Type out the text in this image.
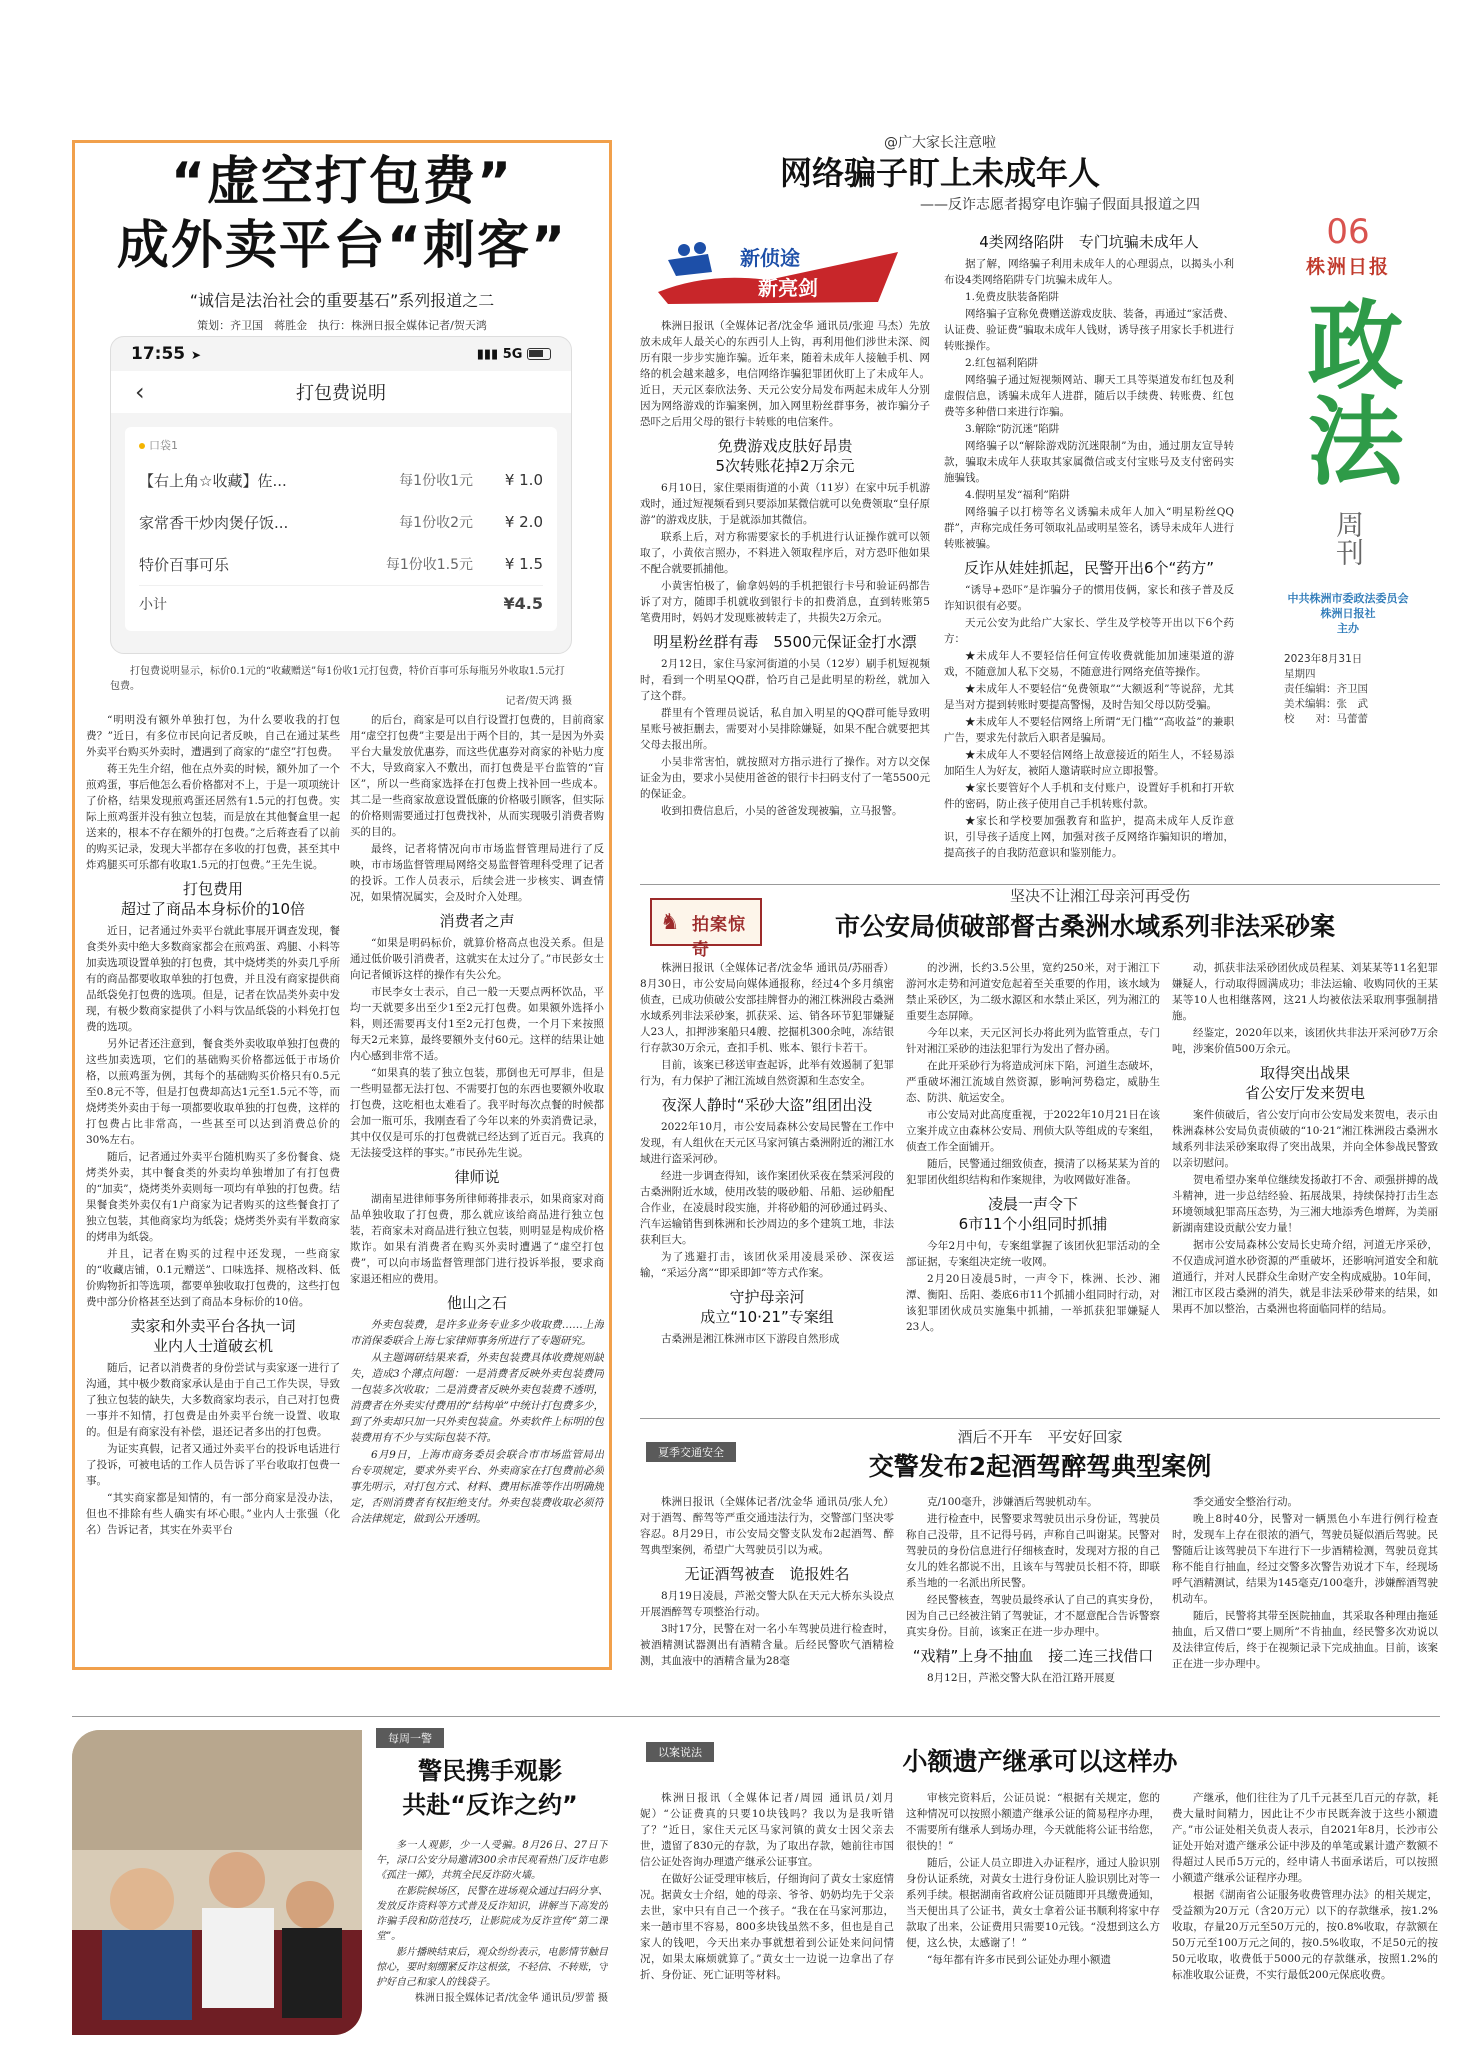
“虚空打包费”
成外卖平台“刺客”
“诚信是法治社会的重要基石”系列报道之二
策划：齐卫国　蒋胜金　执行：株洲日报全媒体记者/贺天鸿
17:55 ➤	▮▮▮ 5G
‹	打包费说明
口袋1
【右上角☆收藏】佐...	每1份收1元	¥ 1.0
家常香干炒肉煲仔饭...	每1份收2元	¥ 2.0
特价百事可乐	每1份收1.5元	¥ 1.5
小计	¥4.5
打包费说明显示，标价0.1元的“收藏赠送”每1份收1元打包费，特价百事可乐每瓶另外收取1.5元打包费。
记者/贺天鸿 摄

“明明没有额外单独打包，为什么要收我的打包费？”近日，有多位市民向记者反映，自己在通过某些外卖平台购买外卖时，遭遇到了商家的“虚空”打包费。

蒋王先生介绍，他在点外卖的时候，额外加了一个煎鸡蛋，事后他怎么看价格都对不上，于是一项项统计了价格，结果发现煎鸡蛋还居然有1.5元的打包费。实际上煎鸡蛋并没有独立包装，而是放在其他餐盒里一起送来的，根本不存在额外的打包费。”之后蒋查看了以前的购买记录，发现大半都存在多收的打包费，甚至其中炸鸡腿买可乐都有收取1.5元的打包费。”王先生说。

打包费用
超过了商品本身标价的10倍

近日，记者通过外卖平台就此事展开调查发现，餐食类外卖中绝大多数商家都会在煎鸡蛋、鸡腿、小料等加卖选项设置单独的打包费，其中烧烤类的外卖几乎所有的商品都要收取单独的打包费，并且没有商家提供商品纸袋免打包费的选项。但是，记者在饮品类外卖中发现，有极少数商家提供了小料与饮品纸袋的小料免打包费的选项。

另外记者还注意到，餐食类外卖收取单独打包费的这些加卖选项，它们的基础购买价格都远低于市场价格，以煎鸡蛋为例，其每个的基础购买价格只有0.5元至0.8元不等，但是打包费却高达1元至1.5元不等，而烧烤类外卖由于每一项都要收取单独的打包费，这样的打包费占比非常高，一些甚至可以达到消费总价的30%左右。

随后，记者通过外卖平台随机购买了多份餐食、烧烤类外卖，其中餐食类的外卖均单独增加了有打包费的“加卖”，烧烤类外卖则每一项均有单独的打包费。结果餐食类外卖仅有1户商家为记者购买的这些餐食打了独立包装，其他商家均为纸袋；烧烤类外卖有半数商家的烤串为纸袋。

并且，记者在购买的过程中还发现，一些商家的“收藏店铺，0.1元赠送”、口味选择、规格改料、低价购物折扣等选项，都要单独收取打包费的，这些打包费中部分价格甚至达到了商品本身标价的10倍。

卖家和外卖平台各执一词
业内人士道破玄机

随后，记者以消费者的身份尝试与卖家逐一进行了沟通，其中极少数商家承认是由于自己工作失误，导致了独立包装的缺失，大多数商家均表示，自己对打包费一事并不知情，打包费是由外卖平台统一设置、收取的。但是有商家没有补偿，退还记者多出的打包费。

为证实真假，记者又通过外卖平台的投诉电话进行了投诉，可被电话的工作人员告诉了平台收取打包费一事。

“其实商家都是知情的，有一部分商家是没办法，但也不排除有些人确实有坏心眼。”业内人士张强（化名）告诉记者，其实在外卖平台

的后台，商家是可以自行设置打包费的，目前商家用“虚空打包费”主要是出于两个目的，其一是因为外卖平台大量发放优惠券，而这些优惠券对商家的补贴力度不大，导致商家入不敷出，而打包费是平台监管的“盲区”，所以一些商家选择在打包费上找补回一些成本。其二是一些商家故意设置低廉的价格吸引顾客，但实际的价格则需要通过打包费找补，从而实现吸引消费者购买的目的。

最终，记者将情况向市市场监督管理局进行了反映，市市场监督管理局网络交易监督管理科受理了记者的投诉。工作人员表示，后续会进一步核实、调查情况，如果情况属实，会及时介入处理。

消费者之声

“如果是明码标价，就算价格高点也没关系。但是通过低价吸引消费者，这就实在太过分了。”市民彭女士向记者倾诉这样的操作有失公允。

市民李女士表示，自己一般一天要点两杯饮品，平均一天就要多出至少1至2元打包费。如果额外选择小料，则还需要再支付1至2元打包费，一个月下来按照每天2元来算，最终要额外支付60元。这样的结果让她内心感到非常不适。

“如果真的装了独立包装，那倒也无可厚非，但是一些明显都无法打包、不需要打包的东西也要额外收取打包费，这吃相也太难看了。我平时每次点餐的时候都会加一瓶可乐，我刚查看了今年以来的外卖消费记录，其中仅仅是可乐的打包费就已经达到了近百元。我真的无法接受这样的事实。”市民孙先生说。

律师说

湖南星进律师事务所律师蒋排表示，如果商家对商品单独收取了打包费，那么就应该给商品进行独立包装，若商家未对商品进行独立包装，则明显是构成价格欺诈。如果有消费者在购买外卖时遭遇了“虚空打包费”，可以向市场监督管理部门进行投诉举报，要求商家退还相应的费用。

他山之石

外卖包装费，是许多业务专业多少收取费……上海市消保委联合上海七家律师事务所进行了专题研究。

从主题调研结果来看，外卖包装费具体收费规则缺失，造成3个薄点问题：一是消费者反映外卖包装费同一包装多次收取；二是消费者反映外卖包装费不透明，消费者在外卖实付费用的“结构单”中统计打包费多少，到了外卖却只加一只外卖包装盒。外卖软件上标明的包装费用有不少与实际包装不符。

6月9日，上海市商务委员会联合市市场监管局出台专项规定，要求外卖平台、外卖商家在打包费前必须事先明示，对打包方式、材料、费用标准等作出明确规定，否则消费者有权拒绝支付。外卖包装费收取必须符合法律规定，做到公开透明。

@广大家长注意啦
网络骗子盯上未成年人
——反诈志愿者揭穿电诈骗子假面具报道之四
新侦途
新亮剑

株洲日报讯（全媒体记者/沈金华 通讯员/张迎 马杰）先放放未成年人最关心的东西引人上钩，再利用他们涉世未深、阅历有限一步步实施诈骗。近年来，随着未成年人接触手机、网络的机会越来越多，电信网络诈骗犯罪团伙盯上了未成年人。近日，天元区泰欣法务、天元公安分局发布两起未成年人分别因为网络游戏的诈骗案例，加入网里粉丝群事务，被诈骗分子恐吓之后用父母的银行卡转账的电信案件。

免费游戏皮肤好昂贵
5次转账花掉2万余元

6月10日，家住栗雨街道的小黄（11岁）在家中玩手机游戏时，通过短视频看到只要添加某微信就可以免费领取“皇仔原游”的游戏皮肤，于是就添加其微信。

联系上后，对方称需要家长的手机进行认证操作就可以领取了，小黄依言照办，不料进入领取程序后，对方恐吓他如果不配合就要抓捕他。

小黄害怕极了，偷拿妈妈的手机把银行卡号和验证码都告诉了对方，随即手机就收到银行卡的扣费消息，直到转账第5笔费用时，妈妈才发现账被转走了，共损失2万余元。

明星粉丝群有毒　5500元保证金打水漂

2月12日，家住马家河街道的小吴（12岁）刷手机短视频时，看到一个明星QQ群，恰巧自己是此明星的粉丝，就加入了这个群。

群里有个管理员说话，私自加入明星的QQ群可能导致明星账号被拒删去，需要对小吴排除嫌疑，如果不配合就要把其父母去报出所。

小吴非常害怕，就按照对方指示进行了操作。对方以交保证金为由，要求小吴使用爸爸的银行卡扫码支付了一笔5500元的保证金。

收到扣费信息后，小吴的爸爸发现被骗，立马报警。

4类网络陷阱　专门坑骗未成年人

据了解，网络骗子利用未成年人的心理弱点，以揭头小利布设4类网络陷阱专门坑骗未成年人。

1.免费皮肤装备陷阱

网络骗子宣称免费赠送游戏皮肤、装备，再通过“家活费、认证费、验证费”骗取未成年人钱财，诱导孩子用家长手机进行转账操作。

2.红包福利陷阱

网络骗子通过短视频网站、聊天工具等渠道发布红包及利虚假信息，诱骗未成年人进群，随后以手续费、转账费、红包费等多种借口来进行诈骗。

3.解除“防沉迷”陷阱

网络骗子以“解除游戏防沉迷限制”为由，通过朋友宣导转款，骗取未成年人获取其家属微信或支付宝账号及支付密码实施骗钱。

4.假明星发“福利”陷阱

网络骗子以打榜等名义诱骗未成年人加入“明星粉丝QQ群”，声称完成任务可领取礼品或明星签名，诱导未成年人进行转账被骗。

反诈从娃娃抓起，民警开出6个“药方”

“诱导+恐吓”是诈骗分子的惯用伎俩，家长和孩子普及反诈知识很有必要。

天元公安为此给广大家长、学生及学校等开出以下6个药方：

★未成年人不要轻信任何宣传收费就能加加速渠道的游戏，不随意加人私下交易，不随意进行网络充值等操作。

★未成年人不要轻信“免费领取”“大额返利”等说辞，尤其是当对方提到转账时要提高警惕，及时告知父母以防受骗。

★未成年人不要轻信网络上所谓“无门槛”“高收益”的兼职广告，要求先付款后入职者是骗局。

★未成年人不要轻信网络上故意接近的陌生人，不轻易添加陌生人为好友，被陌人邀请联时应立即报警。

★家长要管好个人手机和支付账户，设置好手机和打开软件的密码，防止孩子使用自己手机转账付款。

★家长和学校要加强教育和监护，提高未成年人反诈意识，引导孩子适度上网，加强对孩子反网络诈骗知识的增加，提高孩子的自我防范意识和鉴别能力。

06
株洲日报
政法
周刊
中共株洲市委政法委员会
株洲日报社
主办
2023年8月31日
星期四
责任编辑：齐卫国
美术编辑：张　武
校　　对：马蕾蕾
坚决不让湘江母亲河再受伤
市公安局侦破部督古桑洲水域系列非法采砂案
♞ 拍案惊奇

株洲日报讯（全媒体记者/沈金华 通讯员/苏丽香）8月30日，市公安局向媒体通报称，经过4个多月缜密侦查，已成功侦破公安部挂牌督办的湘江株洲段古桑洲水域系列非法采砂案，抓获采、运、销各环节犯罪嫌疑人23人，扣押涉案船只4艘、挖掘机300余吨，冻结银行存款30万余元，查扣手机、账本、银行卡若干。

目前，该案已移送审查起诉，此举有效遏制了犯罪行为，有力保护了湘江流域自然资源和生态安全。

夜深人静时“采砂大盗”组团出没

2022年10月，市公安局森林公安局民警在工作中发现，有人组伙在天元区马家河镇古桑洲附近的湘江水域进行盗采河砂。

经进一步调查得知，该作案团伙采夜在禁采河段的古桑洲附近水域，使用改装的吸砂船、吊船、运砂船配合作业，在凌晨时段实施，并将砂船的河砂通过码头、汽车运输销售到株洲和长沙周边的多个建筑工地，非法获利巨大。

为了逃避打击，该团伙采用凌晨采砂、深夜运输，“采运分离”“即采即卸”等方式作案。

守护母亲河
成立“10·21”专案组

古桑洲是湘江株洲市区下游段自然形成

的沙洲，长约3.5公里，宽约250米，对于湘江下游河水走势和河道安危起着至关重要的作用，该水域为禁止采砂区，为二级水源区和水禁止采区，列为湘江的重要生态屏障。

今年以来，天元区河长办将此列为监管重点，专门针对湘江采砂的违法犯罪行为发出了督办函。

在此开采砂行为将造成河床下陷，河道生态破坏，严重破坏湘江流域自然资源，影响河势稳定，威胁生态、防洪、航运安全。

市公安局对此高度重视，于2022年10月21日在该立案并成立由森林公安局、刑侦大队等组成的专案组，侦查工作全面铺开。

随后，民警通过细致侦查，摸清了以杨某某为首的犯罪团伙组织结构和作案规律，为收网做好准备。

凌晨一声令下
6市11个小组同时抓捕

今年2月中旬，专案组掌握了该团伙犯罪活动的全部证据，专案组决定统一收网。

2月20日凌晨5时，一声令下，株洲、长沙、湘潭、衡阳、岳阳、娄底6市11个抓捕小组同时行动，对该犯罪团伙成员实施集中抓捕，一举抓获犯罪嫌疑人23人。

动，抓获非法采砂团伙成员程某、刘某某等11名犯罪嫌疑人，行动取得圆满成功；非法运输、收购同伙的王某某等10人也相继落网，这21人均被依法采取刑事强制措施。

经鉴定，2020年以来，该团伙共非法开采河砂7万余吨，涉案价值500万余元。

取得突出战果
省公安厅发来贺电

案件侦破后，省公安厅向市公安局发来贺电，表示由株洲森林公安局负责侦破的“10·21”湘江株洲段古桑洲水域系列非法采砂案取得了突出战果，并向全体参战民警致以亲切慰问。

贺电希望办案单位继续发扬敢打不舍、顽强拼搏的战斗精神，进一步总结经验、拓展战果，持续保持打击生态环境领域犯罪高压态势，为三湘大地添秀色增辉，为美丽新湖南建设贡献公安力量！

据市公安局森林公安局长史琦介绍，河道无序采砂，不仅造成河道水砂资源的严重破坏，还影响河道安全和航道通行，并对人民群众生命财产安全构成威胁。10年间，湘江市区段古桑洲的消失，就是非法采砂带来的结果，如果再不加以整治，古桑洲也将面临同样的结局。

夏季交通安全
酒后不开车　平安好回家
交警发布2起酒驾醉驾典型案例

株洲日报讯（全媒体记者/沈金华 通讯员/张人允）对于酒驾、醉驾等严重交通违法行为，交警部门坚决零容忍。8月29日，市公安局交警支队发布2起酒驾、醉驾典型案例，希望广大驾驶员引以为戒。

无证酒驾被查　诡报姓名

8月19日凌晨，芦淞交警大队在天元大桥东头设点开展酒醉驾专项整治行动。

3时17分，民警在对一名小车驾驶员进行检查时，被酒精测试器测出有酒精含量。后经民警吹气酒精检测，其血液中的酒精含量为28毫

克/100毫升，涉嫌酒后驾驶机动车。

进行检查中，民警要求驾驶员出示身份证，驾驶员称自己没带，且不记得号码，声称自己叫谢某。民警对驾驶员的身份信息进行仔细核查时，发现对方报的自己女儿的姓名都说不出，且该车与驾驶员长相不符，即联系当地的一名派出所民警。

经民警核查，驾驶员最终承认了自己的真实身份，因为自己已经被注销了驾驶证，才不愿意配合告诉警察真实身份。目前，该案正在进一步办理中。

“戏精”上身不抽血　接二连三找借口

8月12日，芦淞交警大队在沿江路开展夏

季交通安全整治行动。

晚上8时40分，民警对一辆黑色小车进行例行检查时，发现车上存在很浓的酒气，驾驶员疑似酒后驾驶。民警随后让该驾驶员下车进行下一步酒精检测，驾驶员竟其称不能自行抽血，经过交警多次警告劝说才下车，经现场呼气酒精测试，结果为145毫克/100毫升，涉嫌醉酒驾驶机动车。

随后，民警将其带至医院抽血，其采取各种理由拖延抽血，后又借口“要上厕所”不肯抽血，经民警多次劝说以及法律宣传后，终于在视频记录下完成抽血。目前，该案正在进一步办理中。

每周一警
警民携手观影
共赴“反诈之约”

多一人观影，少一人受骗。8月26日、27日下午，渌口公安分局邀请300余市民观看热门反诈电影《孤注一掷》，共筑全民反诈防火墙。

在影院候场区，民警在进场观众通过扫码分享、发放反诈资料等方式普及反诈知识，讲解当下高发的诈骗手段和防范技巧，让影院成为反诈宣传“第二课堂”。

影片播映结束后，观众纷纷表示，电影情节触目惊心，要时刻绷紧反诈这根弦，不轻信、不转账，守护好自己和家人的钱袋子。

株洲日报全媒体记者/沈金华 通讯员/罗蕾 摄
以案说法	小额遗产继承可以这样办

株洲日报讯（全媒体记者/周园 通讯员/刘月妮）“公证费真的只要10块钱吗？我以为是我听错了？”近日，家住天元区马家河镇的黄女士因父亲去世，遗留了830元的存款，为了取出存款，她前往市国信公证处咨询办理遗产继承公证事宜。

在做好公证受理审核后，仔细询问了黄女士家庭情况。据黄女士介绍，她的母亲、爷爷、奶奶均先于父亲去世，家中只有自己一个孩子。“我在在马家河那边，来一趟市里不容易，800多块钱虽然不多，但也是自己家人的钱吧，今天出来办事就想着到公证处来问问情况，如果太麻烦就算了。”黄女士一边说一边拿出了存折、身份证、死亡证明等材料。

审核完资料后，公证员说：“根据有关规定，您的这种情况可以按照小额遗产继承公证的简易程序办理，不需要所有继承人到场办理，今天就能将公证书给您，很快的！”

随后，公证人员立即进入办证程序，通过人脸识别身份认证系统，对黄女士进行身份证人脸识别比对等一系列手续。根据湖南省政府公证员随即开具缴费通知，当天便出具了公证书，黄女士拿着公证书顺利将家中存款取了出来，公证费用只需要10元钱。“没想到这么方便，这么快，太感谢了！”

“每年都有许多市民到公证处办理小额遗

产继承，他们往往为了几千元甚至几百元的存款，耗费大量时间精力，因此让不少市民既奔波于这些小额遗产。”市公证处相关负责人表示，自2021年8月，长沙市公证处开始对遗产继承公证中涉及的单笔或累计遗产数额不得超过人民币5万元的，经申请人书面承诺后，可以按照小额遗产继承公证程序办理。

根据《湖南省公证服务收费管理办法》的相关规定，受益额为20万元（含20万元）以下的存款继承，按1.2%收取，存量20万元至50万元的，按0.8%收取，存款额在50万元至100万元之间的，按0.5%收取，不足50元的按50元收取，收费低于5000元的存款继承，按照1.2%的标准收取公证费，不实行最低200元保底收费。
